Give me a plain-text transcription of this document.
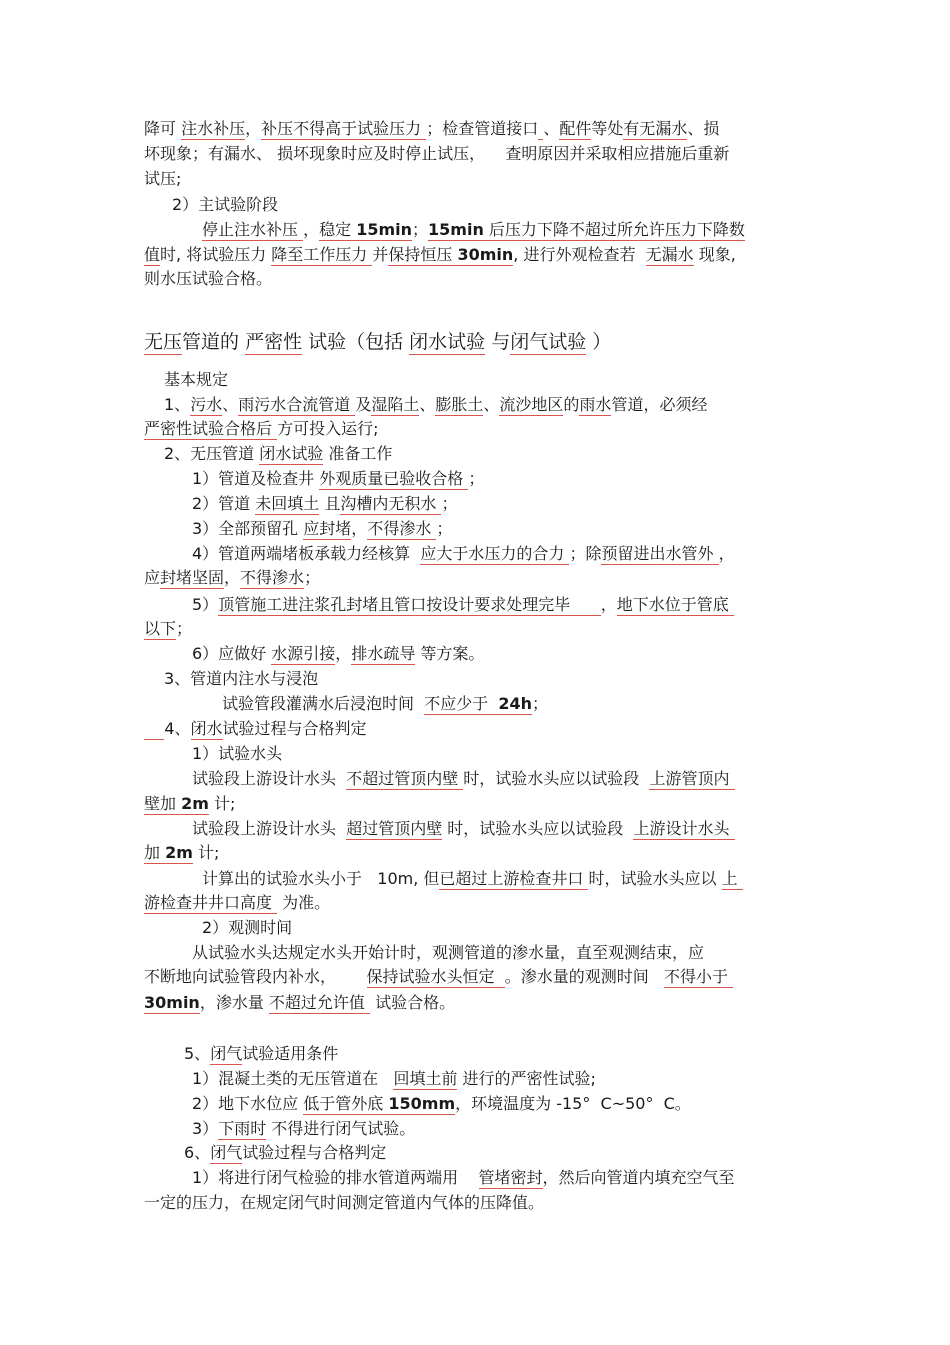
降可 注水补压，补压不得高于试验压力 ；检查管道接口 、配件等处有无漏水、损
坏现象；有漏水、 损坏现象时应及时停止试压，    查明原因并采取相应措施后重新
试压;
2）主试验阶段
停止注水补压 ，稳定 15min；15min 后压力下降不超过所允许压力下降数
值时, 将试验压力 降至工作压力 并保持恒压 30min, 进行外观检查若  无漏水 现象,
则水压试验合格。
无压管道的 严密性 试验（包括 闭水试验 与闭气试验 ）
基本规定
1、污水、雨污水合流管道 及湿陷土、膨胀土、流沙地区的雨水管道，必须经
严密性试验合格后 方可投入运行;
2、无压管道 闭水试验 准备工作
1）管道及检查井 外观质量已验收合格 ；
2）管道 未回填土 且沟槽内无积水 ；
3）全部预留孔 应封堵，不得渗水 ；
4）管道两端堵板承载力经核算  应大于水压力的合力 ；除预留进出水管外 ，
应封堵坚固，不得渗水；
5）顶管施工进注浆孔封堵且管口按设计要求处理完毕      ，地下水位于管底
以下；
6）应做好 水源引接，排水疏导 等方案。
3、管道内注水与浸泡
试验管段灌满水后浸泡时间  不应少于  24h；
4、闭水试验过程与合格判定
1）试验水头
试验段上游设计水头  不超过管顶内壁 时，试验水头应以试验段  上游管顶内
壁加 2m 计;
试验段上游设计水头  超过管顶内壁 时，试验水头应以试验段  上游设计水头
加 2m 计;
计算出的试验水头小于   10m, 但已超过上游检查井口 时，试验水头应以 上
游检查井井口高度  为准。
2）观测时间
从试验水头达规定水头开始计时，观测管道的渗水量，直至观测结束，应
不断地向试验管段内补水，      保持试验水头恒定  。渗水量的观测时间   不得小于
30min，渗水量 不超过允许值  试验合格。
5、闭气试验适用条件
1）混凝土类的无压管道在   回填土前 进行的严密性试验;
2）地下水位应 低于管外底 150mm，环境温度为 -15°  C~50°  C。
3）下雨时 不得进行闭气试验。
6、闭气试验过程与合格判定
1）将进行闭气检验的排水管道两端用    管堵密封，然后向管道内填充空气至
一定的压力，在规定闭气时间测定管道内气体的压降值。
